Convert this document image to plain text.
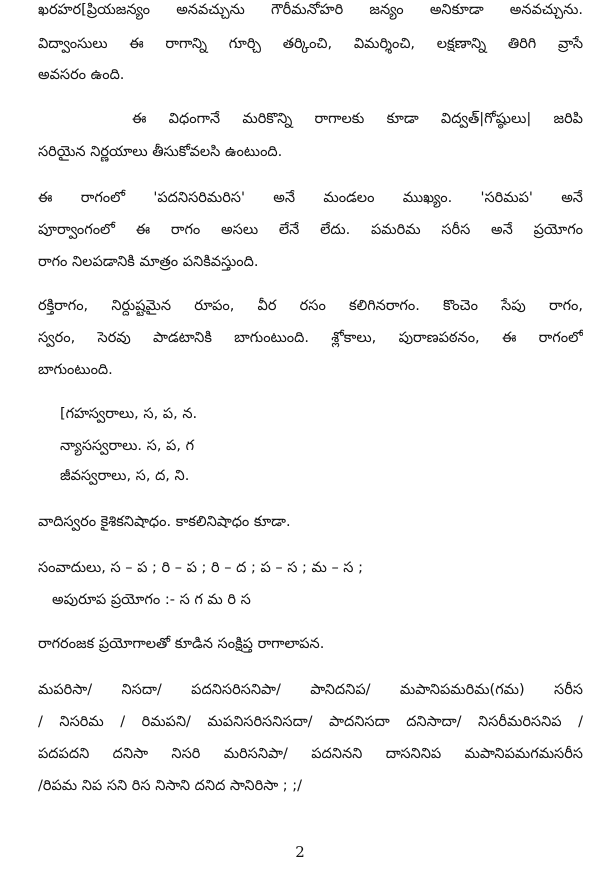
ఖరహర[ప్రియజన్యం అనవచ్చును గౌరీమనోహరి జన్యం అనికూడా అనవచ్చును.
విద్వాంసులు ఈ రాగాన్ని గూర్చి తర్కించి, విమర్శించి, లక్షణాన్ని తిరిగి వ్రాసే
అవసరం ఉంది.
ఈ విధంగానే మరికొన్ని రాగాలకు కూడా విద్వత్|గోష్ఠులు| జరిపి
సరియైన నిర్ణయాలు తీసుకోవలసి ఉంటుంది.
ఈ రాగంలో 'పదనిసరిమరిస' అనే మండలం ముఖ్యం. 'సరిమప' అనే
పూర్వాంగంలో ఈ రాగం అసలు లేనే లేదు. పమరిమ సరీస అనే ప్రయోగం
రాగం నిలపడానికి మాత్రం పనికివస్తుంది.
రక్తిరాగం, నిర్దుష్టమైన రూపం, వీర రసం కలిగినరాగం. కొంచెం సేపు రాగం,
స్వరం, సెరవు పాడటానికి బాగుంటుంది. శ్లోకాలు, పురాణపఠనం, ఈ రాగంలో
బాగుంటుంది.
[గహస్వరాలు, స, ప, న.
న్యాసస్వరాలు. స, ప, గ
జీవస్వరాలు, స, ద, ని.
వాదిస్వరం కైశికనిషాధం. కాకలినిషాధం కూడా.
సంవాదులు, స – ప ; రి – ప ; రి – ద ; ప – స ; మ – స ;
అపురూప ప్రయోగం :- స గ మ రి స
రాగరంజక ప్రయోగాలతో కూడిన సంక్షిప్త రాగాలాపన.
మపరిసా/ నిసదా/ పదనిసరిసనిపా/ పానిదనిప/ మపానిపమరిమ(గమ) సరీస
/ నిసరిమ / రిమపని/ మపనిసరిసనిసదా/ పాదనిసదా దనిసాదా/ నిసరీమరిసనిప /
పదపదని దనిసా నిసరి మరిసనిపా/ పదనినని దాసనినిప మపానిపమగమసరీస
/రిపమ నిప సని రిస నిసాని దనిద సానిరిసా ; ;/
2
